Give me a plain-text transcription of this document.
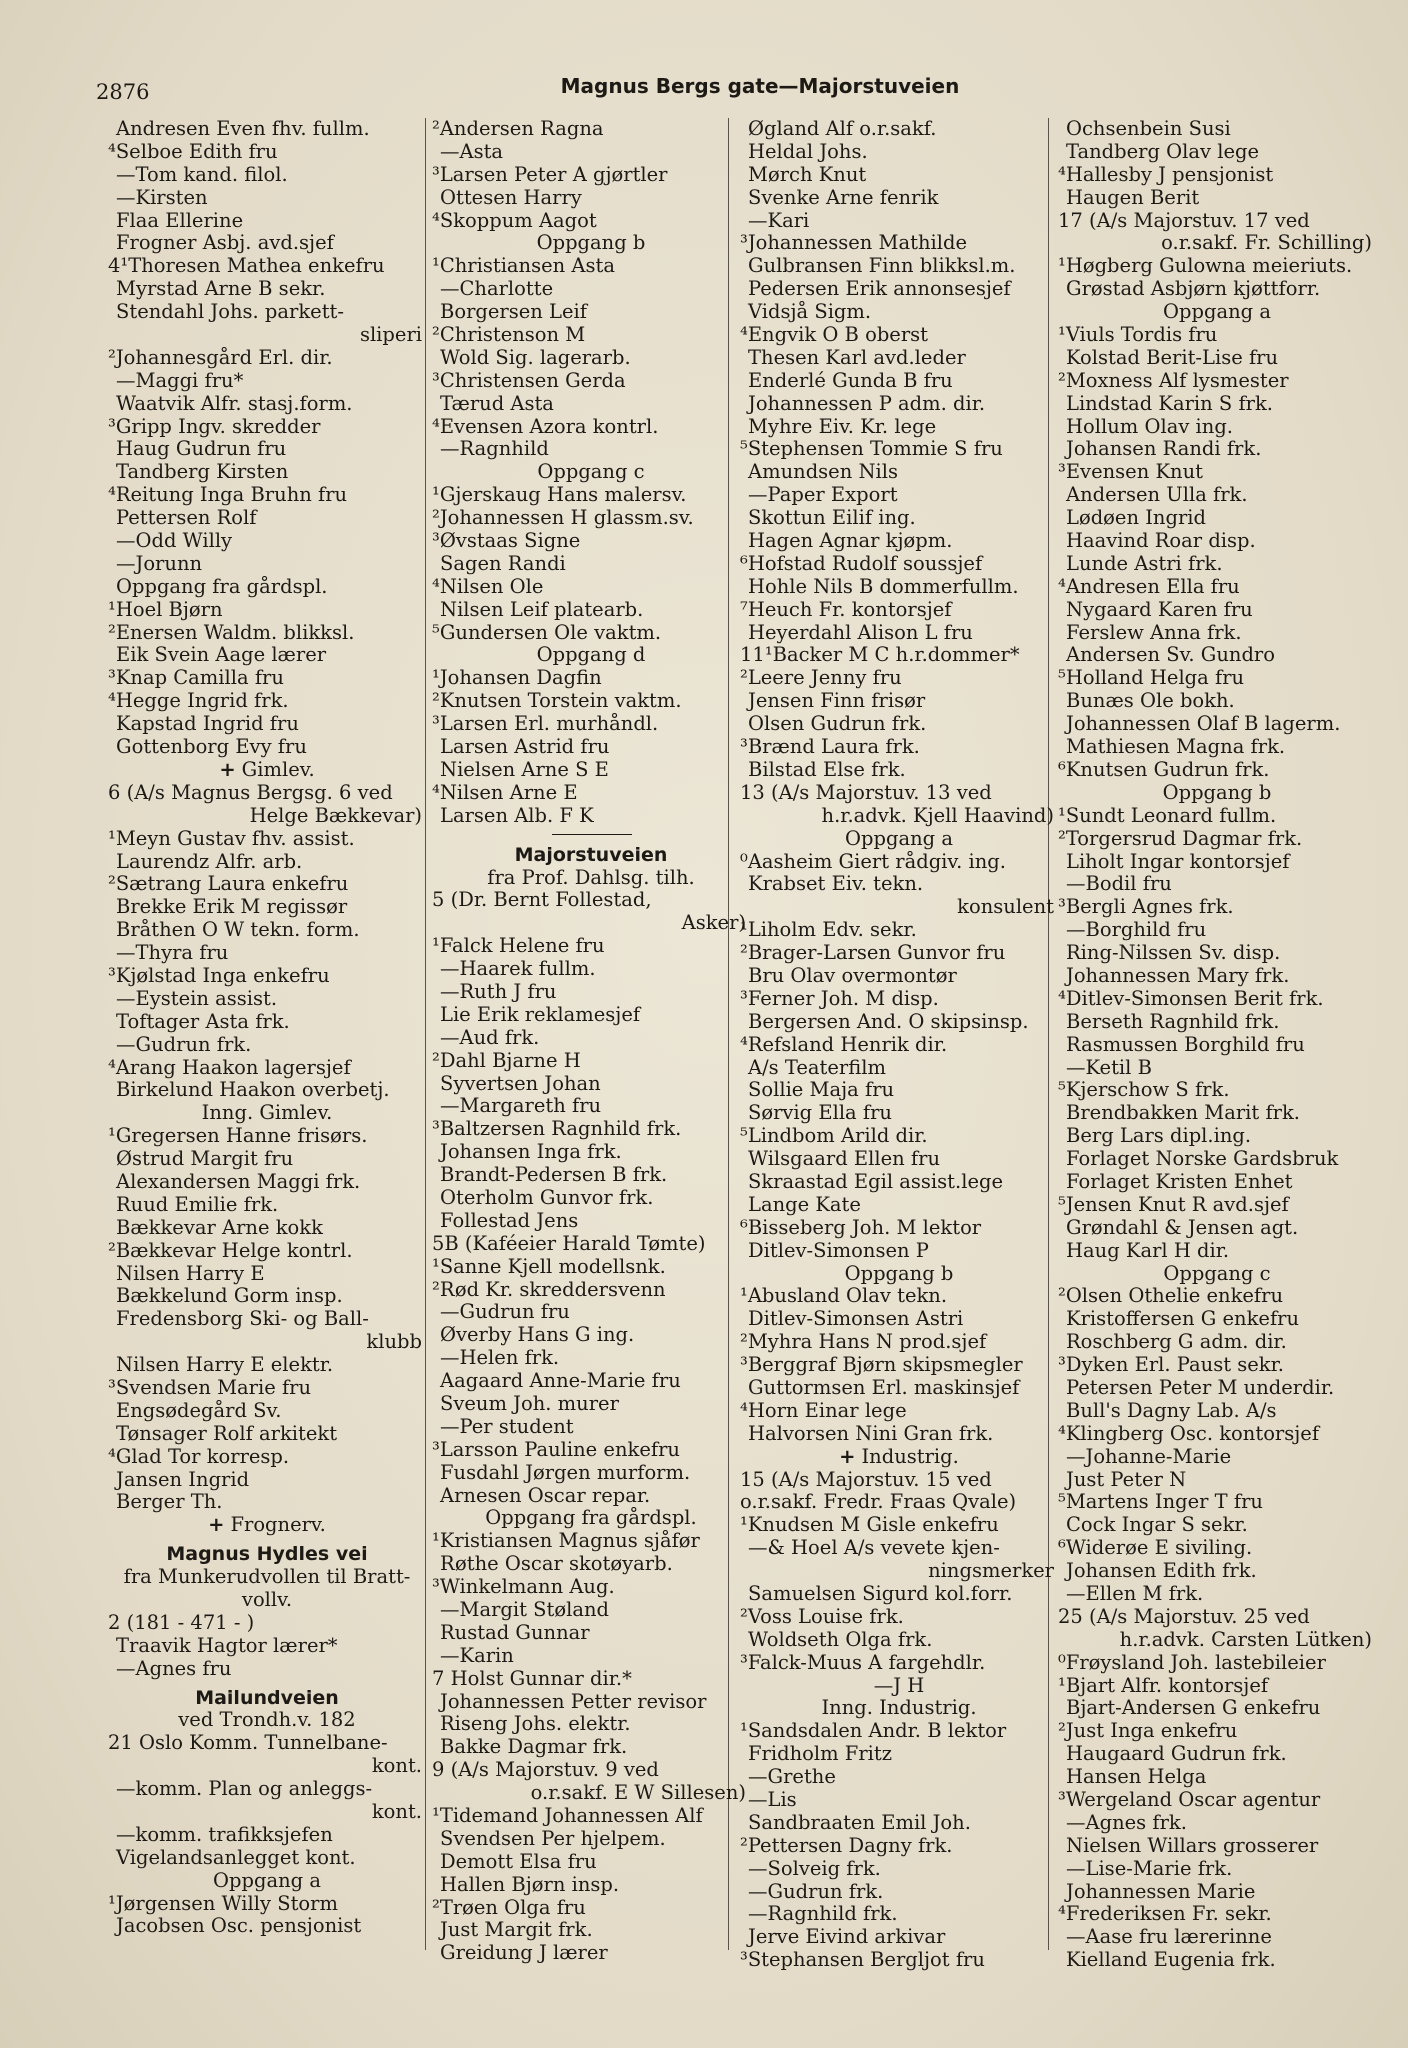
2876	Magnus Bergs gate—Majorstuveien
Andresen Even fhv. fullm.
⁴Selboe Edith fru
—Tom kand. filol.
—Kirsten
Flaa Ellerine
Frogner Asbj. avd.sjef
4¹Thoresen Mathea enkefru
Myrstad Arne B sekr.
Stendahl Johs. parkett-
sliperi
²Johannesgård Erl. dir.
—Maggi fru*
Waatvik Alfr. stasj.form.
³Gripp Ingv. skredder
Haug Gudrun fru
Tandberg Kirsten
⁴Reitung Inga Bruhn fru
Pettersen Rolf
—Odd Willy
—Jorunn
Oppgang fra gårdspl.
¹Hoel Bjørn
²Enersen Waldm. blikksl.
Eik Svein Aage lærer
³Knap Camilla fru
⁴Hegge Ingrid frk.
Kapstad Ingrid fru
Gottenborg Evy fru
+ Gimlev.
6 (A/s Magnus Bergsg. 6 ved
Helge Bækkevar)
¹Meyn Gustav fhv. assist.
Laurendz Alfr. arb.
²Sætrang Laura enkefru
Brekke Erik M regissør
Bråthen O W tekn. form.
—Thyra fru
³Kjølstad Inga enkefru
—Eystein assist.
Toftager Asta frk.
—Gudrun frk.
⁴Arang Haakon lagersjef
Birkelund Haakon overbetj.
Inng. Gimlev.
¹Gregersen Hanne frisørs.
Østrud Margit fru
Alexandersen Maggi frk.
Ruud Emilie frk.
Bækkevar Arne kokk
²Bækkevar Helge kontrl.
Nilsen Harry E
Bækkelund Gorm insp.
Fredensborg Ski- og Ball-
klubb
Nilsen Harry E elektr.
³Svendsen Marie fru
Engsødegård Sv.
Tønsager Rolf arkitekt
⁴Glad Tor korresp.
Jansen Ingrid
Berger Th.
+ Frognerv.
Magnus Hydles vei
fra Munkerudvollen til Bratt-
vollv.
2 (181 - 471 - )
Traavik Hagtor lærer*
—Agnes fru
Mailundveien
ved Trondh.v. 182
21 Oslo Komm. Tunnelbane-
kont.
—komm. Plan og anleggs-
kont.
—komm. trafikksjefen
Vigelandsanlegget kont.
Oppgang a
¹Jørgensen Willy Storm
Jacobsen Osc. pensjonist
²Andersen Ragna
—Asta
³Larsen Peter A gjørtler
Ottesen Harry
⁴Skoppum Aagot
Oppgang b
¹Christiansen Asta
—Charlotte
Borgersen Leif
²Christenson M
Wold Sig. lagerarb.
³Christensen Gerda
Tærud Asta
⁴Evensen Azora kontrl.
—Ragnhild
Oppgang c
¹Gjerskaug Hans malersv.
²Johannessen H glassm.sv.
³Øvstaas Signe
Sagen Randi
⁴Nilsen Ole
Nilsen Leif platearb.
⁵Gundersen Ole vaktm.
Oppgang d
¹Johansen Dagfin
²Knutsen Torstein vaktm.
³Larsen Erl. murhåndl.
Larsen Astrid fru
Nielsen Arne S E
⁴Nilsen Arne E
Larsen Alb. F K
Majorstuveien
fra Prof. Dahlsg. tilh.
5 (Dr. Bernt Follestad,
Asker)
¹Falck Helene fru
—Haarek fullm.
—Ruth J fru
Lie Erik reklamesjef
—Aud frk.
²Dahl Bjarne H
Syvertsen Johan
—Margareth fru
³Baltzersen Ragnhild frk.
Johansen Inga frk.
Brandt-Pedersen B frk.
Oterholm Gunvor frk.
Follestad Jens
5B (Kaféeier Harald Tømte)
¹Sanne Kjell modellsnk.
²Rød Kr. skreddersvenn
—Gudrun fru
Øverby Hans G ing.
—Helen frk.
Aagaard Anne-Marie fru
Sveum Joh. murer
—Per student
³Larsson Pauline enkefru
Fusdahl Jørgen murform.
Arnesen Oscar repar.
Oppgang fra gårdspl.
¹Kristiansen Magnus sjåfør
Røthe Oscar skotøyarb.
³Winkelmann Aug.
—Margit Støland
Rustad Gunnar
—Karin
7 Holst Gunnar dir.*
Johannessen Petter revisor
Riseng Johs. elektr.
Bakke Dagmar frk.
9 (A/s Majorstuv. 9 ved
o.r.sakf. E W Sillesen)
¹Tidemand Johannessen Alf
Svendsen Per hjelpem.
Demott Elsa fru
Hallen Bjørn insp.
²Trøen Olga fru
Just Margit frk.
Greidung J lærer
Øgland Alf o.r.sakf.
Heldal Johs.
Mørch Knut
Svenke Arne fenrik
—Kari
³Johannessen Mathilde
Gulbransen Finn blikksl.m.
Pedersen Erik annonsesjef
Vidsjå Sigm.
⁴Engvik O B oberst
Thesen Karl avd.leder
Enderlé Gunda B fru
Johannessen P adm. dir.
Myhre Eiv. Kr. lege
⁵Stephensen Tommie S fru
Amundsen Nils
—Paper Export
Skottun Eilif ing.
Hagen Agnar kjøpm.
⁶Hofstad Rudolf soussjef
Hohle Nils B dommerfullm.
⁷Heuch Fr. kontorsjef
Heyerdahl Alison L fru
11¹Backer M C h.r.dommer*
²Leere Jenny fru
Jensen Finn frisør
Olsen Gudrun frk.
³Brænd Laura frk.
Bilstad Else frk.
13 (A/s Majorstuv. 13 ved
h.r.advk. Kjell Haavind)
Oppgang a
⁰Aasheim Giert rådgiv. ing.
Krabset Eiv. tekn.
konsulent
¹Liholm Edv. sekr.
²Brager-Larsen Gunvor fru
Bru Olav overmontør
³Ferner Joh. M disp.
Bergersen And. O skipsinsp.
⁴Refsland Henrik dir.
A/s Teaterfilm
Sollie Maja fru
Sørvig Ella fru
⁵Lindbom Arild dir.
Wilsgaard Ellen fru
Skraastad Egil assist.lege
Lange Kate
⁶Bisseberg Joh. M lektor
Ditlev-Simonsen P
Oppgang b
¹Abusland Olav tekn.
Ditlev-Simonsen Astri
²Myhra Hans N prod.sjef
³Berggraf Bjørn skipsmegler
Guttormsen Erl. maskinsjef
⁴Horn Einar lege
Halvorsen Nini Gran frk.
+ Industrig.
15 (A/s Majorstuv. 15 ved
o.r.sakf. Fredr. Fraas Qvale)
¹Knudsen M Gisle enkefru
—& Hoel A/s vevete kjen-
ningsmerker
Samuelsen Sigurd kol.forr.
²Voss Louise frk.
Woldseth Olga frk.
³Falck-Muus A fargehdlr.
—J H
Inng. Industrig.
¹Sandsdalen Andr. B lektor
Fridholm Fritz
—Grethe
—Lis
Sandbraaten Emil Joh.
²Pettersen Dagny frk.
—Solveig frk.
—Gudrun frk.
—Ragnhild frk.
Jerve Eivind arkivar
³Stephansen Bergljot fru
Ochsenbein Susi
Tandberg Olav lege
⁴Hallesby J pensjonist
Haugen Berit
17 (A/s Majorstuv. 17 ved
o.r.sakf. Fr. Schilling)
¹Høgberg Gulowna meieriuts.
Grøstad Asbjørn kjøttforr.
Oppgang a
¹Viuls Tordis fru
Kolstad Berit-Lise fru
²Moxness Alf lysmester
Lindstad Karin S frk.
Hollum Olav ing.
Johansen Randi frk.
³Evensen Knut
Andersen Ulla frk.
Lødøen Ingrid
Haavind Roar disp.
Lunde Astri frk.
⁴Andresen Ella fru
Nygaard Karen fru
Ferslew Anna frk.
Andersen Sv. Gundro
⁵Holland Helga fru
Bunæs Ole bokh.
Johannessen Olaf B lagerm.
Mathiesen Magna frk.
⁶Knutsen Gudrun frk.
Oppgang b
¹Sundt Leonard fullm.
²Torgersrud Dagmar frk.
Liholt Ingar kontorsjef
—Bodil fru
³Bergli Agnes frk.
—Borghild fru
Ring-Nilssen Sv. disp.
Johannessen Mary frk.
⁴Ditlev-Simonsen Berit frk.
Berseth Ragnhild frk.
Rasmussen Borghild fru
—Ketil B
⁵Kjerschow S frk.
Brendbakken Marit frk.
Berg Lars dipl.ing.
Forlaget Norske Gardsbruk
Forlaget Kristen Enhet
⁵Jensen Knut R avd.sjef
Grøndahl & Jensen agt.
Haug Karl H dir.
Oppgang c
²Olsen Othelie enkefru
Kristoffersen G enkefru
Roschberg G adm. dir.
³Dyken Erl. Paust sekr.
Petersen Peter M underdir.
Bull's Dagny Lab. A/s
⁴Klingberg Osc. kontorsjef
—Johanne-Marie
Just Peter N
⁵Martens Inger T fru
Cock Ingar S sekr.
⁶Widerøe E siviling.
Johansen Edith frk.
—Ellen M frk.
25 (A/s Majorstuv. 25 ved
h.r.advk. Carsten Lütken)
⁰Frøysland Joh. lastebileier
¹Bjart Alfr. kontorsjef
Bjart-Andersen G enkefru
²Just Inga enkefru
Haugaard Gudrun frk.
Hansen Helga
³Wergeland Oscar agentur
—Agnes frk.
Nielsen Willars grosserer
—Lise-Marie frk.
Johannessen Marie
⁴Frederiksen Fr. sekr.
—Aase fru lærerinne
Kielland Eugenia frk.
